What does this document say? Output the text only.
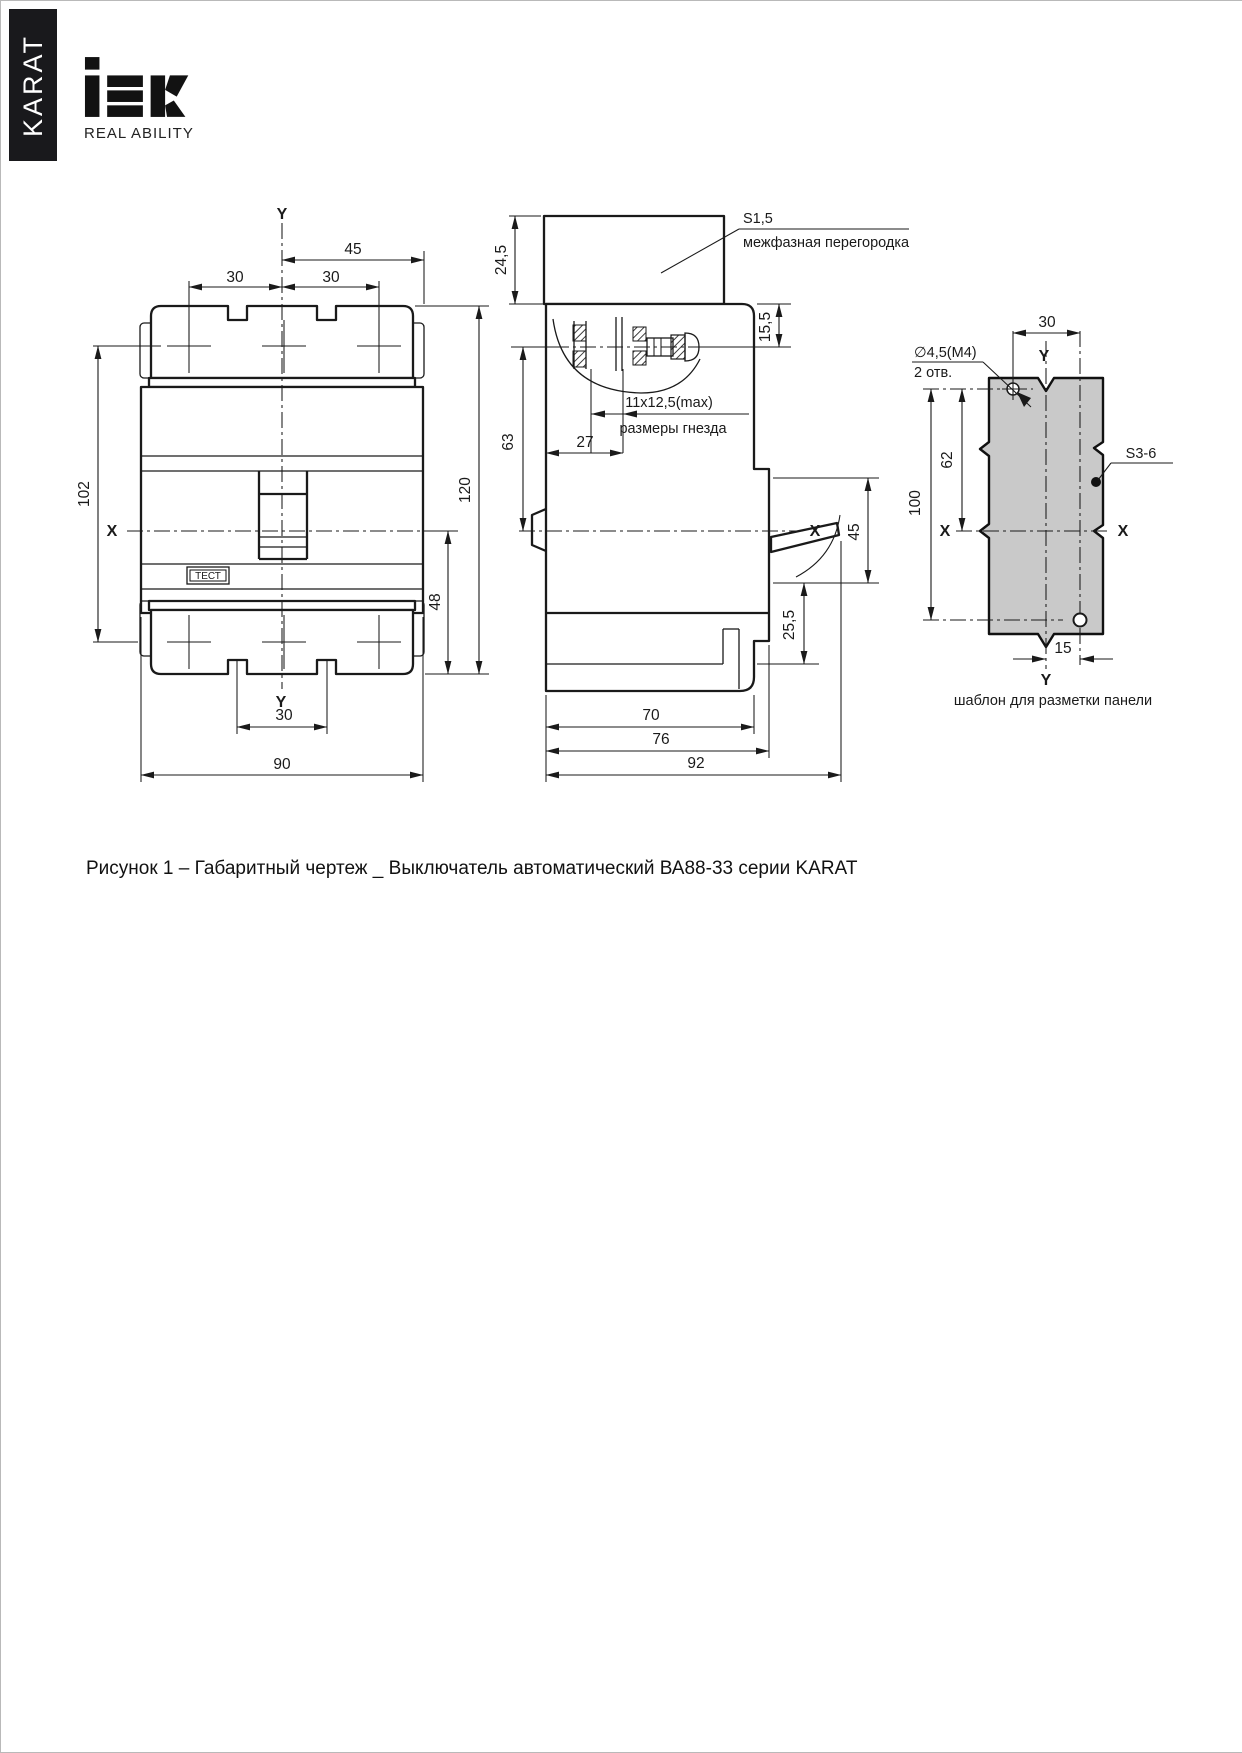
KARAT REAL ABILITY
ТЕСТ
Y
45
30	30
102
X
48
120
Y
30
90
S1,5
межфазная перегородка
11x12,5(max)
размеры гнезда
24,5
15,5
63	27
X 45
25,5
70
76
92
∅4,5(M4)
2 отв.
S3-6
30
Y
62
100
X	X
15
Y
шаблон для разметки панели
Рисунок 1 – Габаритный чертеж _ Выключатель автоматический ВА88-33 серии KARAT
